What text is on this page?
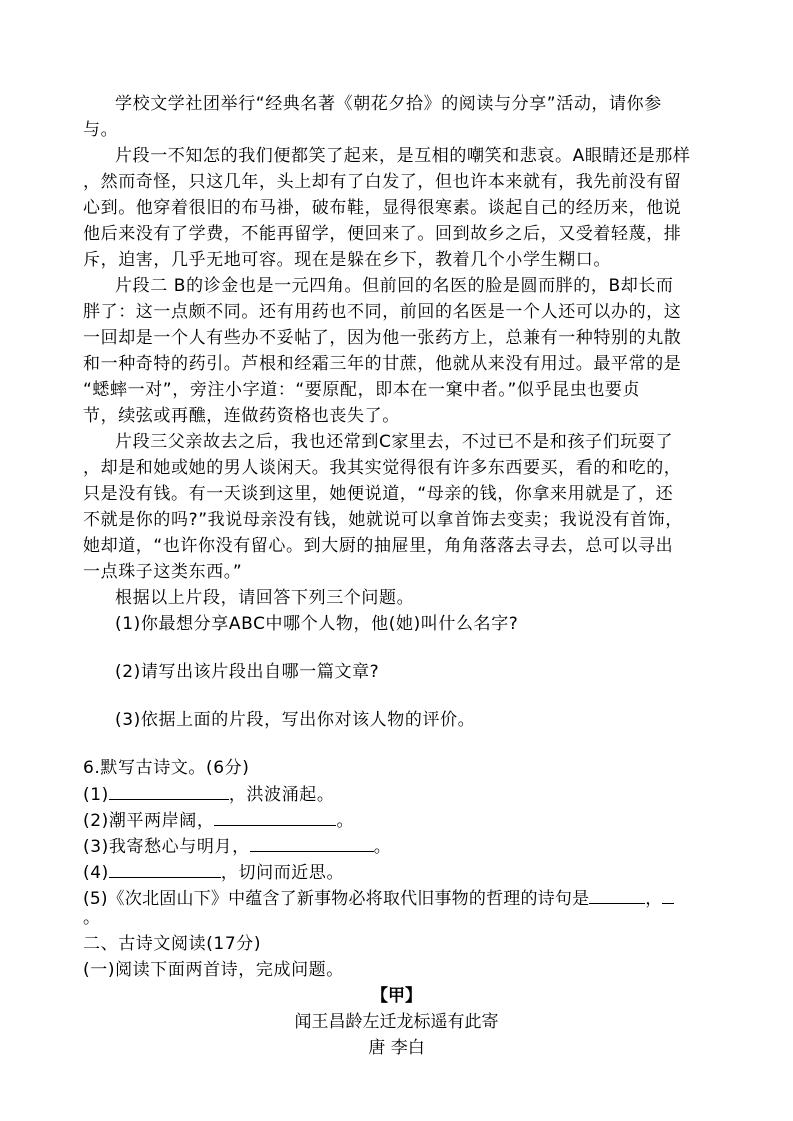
学校文学社团举行“经典名著《朝花夕拾》的阅读与分享”活动，请你参
与。
片段一不知怎的我们便都笑了起来，是互相的嘲笑和悲哀。A眼睛还是那样
，然而奇怪，只这几年，头上却有了白发了，但也许本来就有，我先前没有留
心到。他穿着很旧的布马褂，破布鞋，显得很寒素。谈起自己的经历来，他说
他后来没有了学费，不能再留学，便回来了。回到故乡之后，又受着轻蔑，排
斥，迫害，几乎无地可容。现在是躲在乡下，教着几个小学生糊口。
片段二 B的诊金也是一元四角。但前回的名医的脸是圆而胖的，B却长而
胖了：这一点颇不同。还有用药也不同，前回的名医是一个人还可以办的，这
一回却是一个人有些办不妥帖了，因为他一张药方上，总兼有一种特别的丸散
和一种奇特的药引。芦根和经霜三年的甘蔗，他就从来没有用过。最平常的是
“蟋蟀一对”，旁注小字道：“要原配，即本在一窠中者。”似乎昆虫也要贞
节，续弦或再醮，连做药资格也丧失了。
片段三父亲故去之后，我也还常到C家里去，不过已不是和孩子们玩耍了
，却是和她或她的男人谈闲天。我其实觉得很有许多东西要买，看的和吃的，
只是没有钱。有一天谈到这里，她便说道，“母亲的钱，你拿来用就是了，还
不就是你的吗?”我说母亲没有钱，她就说可以拿首饰去变卖；我说没有首饰，
她却道，“也许你没有留心。到大厨的抽屉里，角角落落去寻去，总可以寻出
一点珠子这类东西。”
根据以上片段，请回答下列三个问题。
(1)你最想分享ABC中哪个人物，他(她)叫什么名字?
(2)请写出该片段出自哪一篇文章?
(3)依据上面的片段，写出你对该人物的评价。
6.默写古诗文。(6分)
(1)	，洪波涌起。
(2)潮平两岸阔，	。
(3)我寄愁心与明月，	。
(4)	，切问而近思。
(5)《次北固山下》中蕴含了新事物必将取代旧事物的哲理的诗句是	，
。
二、古诗文阅读(17分)
(一)阅读下面两首诗，完成问题。
【甲】
闻王昌龄左迁龙标遥有此寄
唐 李白
